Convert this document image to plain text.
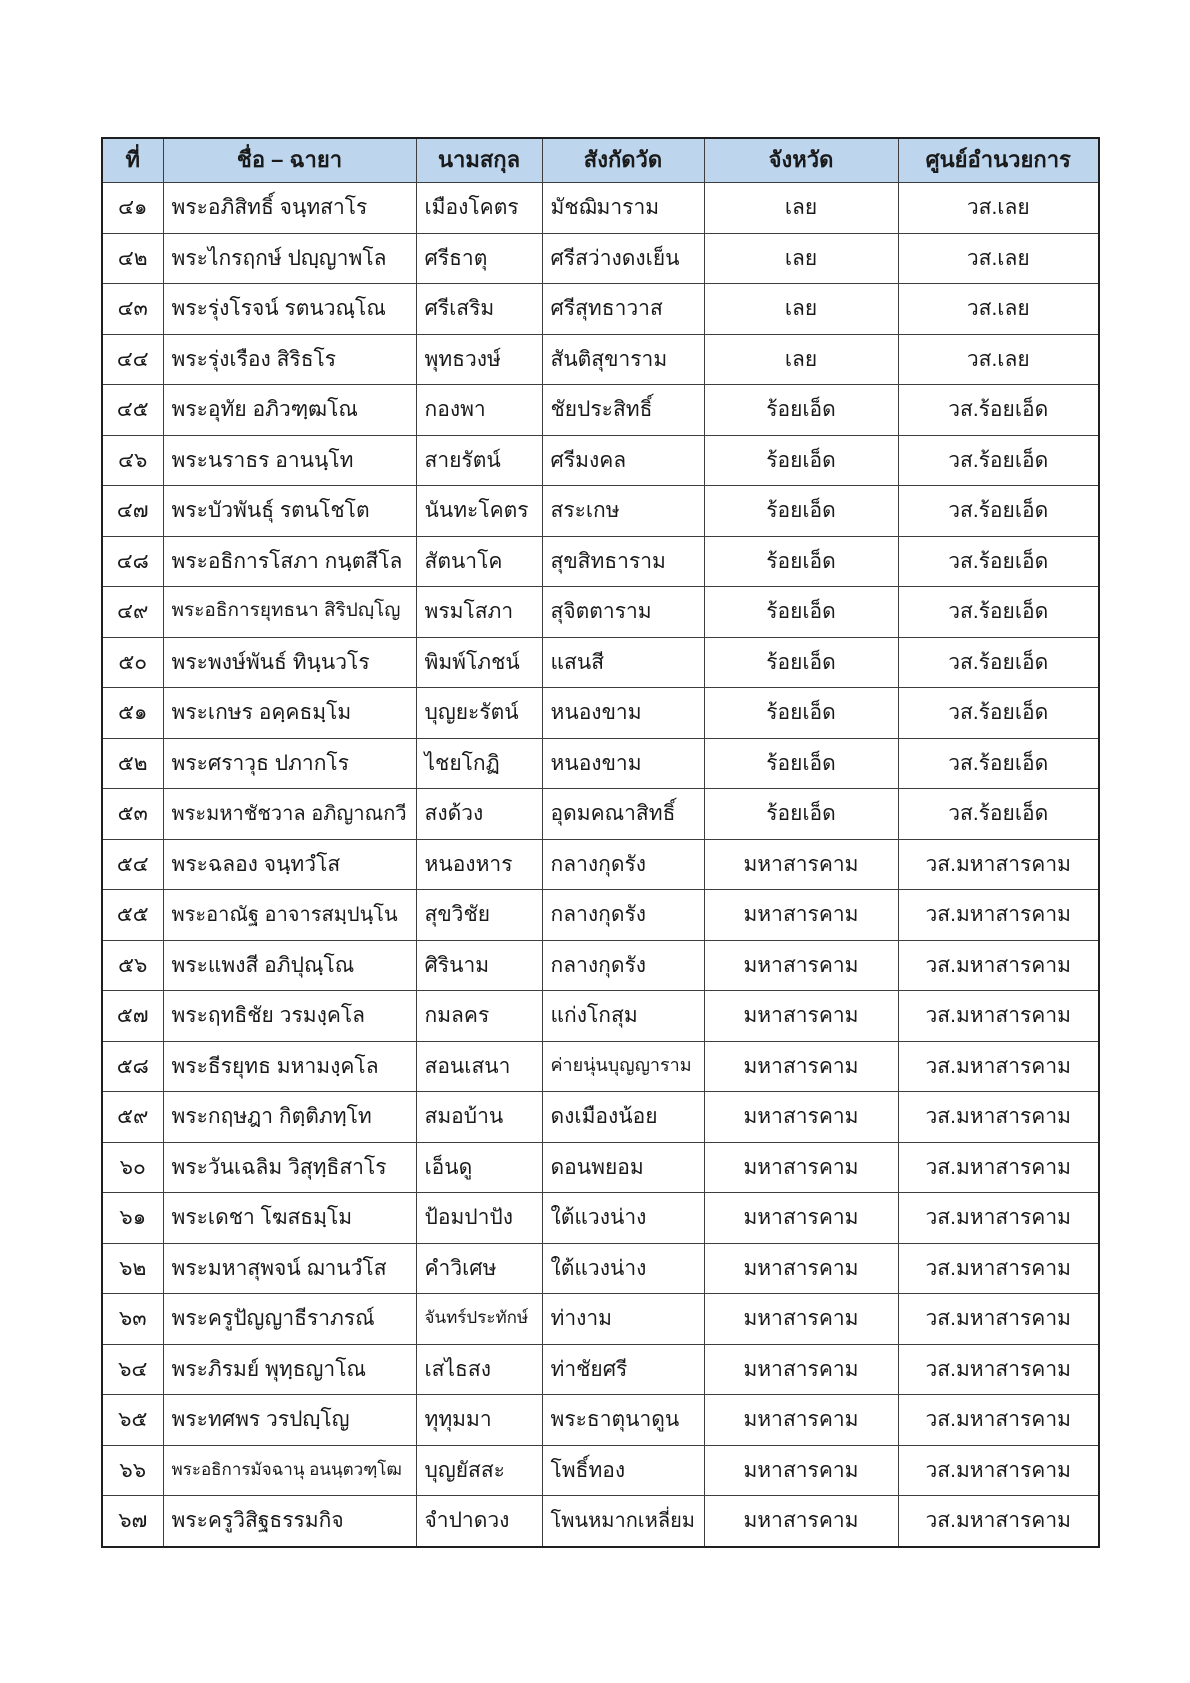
ที่	ชื่อ – ฉายา	นามสกุล	สังกัดวัด	จังหวัด	ศูนย์อำนวยการ
๔๑	พระอภิสิทธิ์ จนฺทสาโร	เมืองโคตร	มัชฌิมาราม	เลย	วส.เลย
๔๒	พระไกรฤกษ์ ปญฺญาพโล	ศรีธาตุ	ศรีสว่างดงเย็น	เลย	วส.เลย
๔๓	พระรุ่งโรจน์ รตนวณฺโณ	ศรีเสริม	ศรีสุทธาวาส	เลย	วส.เลย
๔๔	พระรุ่งเรือง สิริธโร	พุทธวงษ์	สันติสุขาราม	เลย	วส.เลย
๔๕	พระอุทัย อภิวฑฺฒโณ	กองพา	ชัยประสิทธิ์	ร้อยเอ็ด	วส.ร้อยเอ็ด
๔๖	พระนราธร อานนฺโท	สายรัตน์	ศรีมงคล	ร้อยเอ็ด	วส.ร้อยเอ็ด
๔๗	พระบัวพันธุ์ รตนโชโต	นันทะโคตร	สระเกษ	ร้อยเอ็ด	วส.ร้อยเอ็ด
๔๘	พระอธิการโสภา กนฺตสีโล	สัตนาโค	สุขสิทธาราม	ร้อยเอ็ด	วส.ร้อยเอ็ด
๔๙	พระอธิการยุทธนา สิริปญฺโญ	พรมโสภา	สุจิตตาราม	ร้อยเอ็ด	วส.ร้อยเอ็ด
๕๐	พระพงษ์พันธ์ ทินฺนวโร	พิมพ์โภชน์	แสนสี	ร้อยเอ็ด	วส.ร้อยเอ็ด
๕๑	พระเกษร อคฺคธมฺโม	บุญยะรัตน์	หนองขาม	ร้อยเอ็ด	วส.ร้อยเอ็ด
๕๒	พระศราวุธ ปภากโร	ไชยโกฏิ	หนองขาม	ร้อยเอ็ด	วส.ร้อยเอ็ด
๕๓	พระมหาชัชวาล อภิญาณกวี	สงด้วง	อุดมคณาสิทธิ์	ร้อยเอ็ด	วส.ร้อยเอ็ด
๕๔	พระฉลอง จนฺทวํโส	หนองหาร	กลางกุดรัง	มหาสารคาม	วส.มหาสารคาม
๕๕	พระอาณัฐ อาจารสมฺปนฺโน	สุขวิชัย	กลางกุดรัง	มหาสารคาม	วส.มหาสารคาม
๕๖	พระแพงสี อภิปุณฺโณ	ศิรินาม	กลางกุดรัง	มหาสารคาม	วส.มหาสารคาม
๕๗	พระฤทธิชัย วรมงฺคโล	กมลคร	แก่งโกสุม	มหาสารคาม	วส.มหาสารคาม
๕๘	พระธีรยุทธ มหามงฺคโล	สอนเสนา	ค่ายนุ่นบุญญาราม	มหาสารคาม	วส.มหาสารคาม
๕๙	พระกฤษฎา กิตฺติภทฺโท	สมอบ้าน	ดงเมืองน้อย	มหาสารคาม	วส.มหาสารคาม
๖๐	พระวันเฉลิม วิสุทฺธิสาโร	เอ็นดู	ดอนพยอม	มหาสารคาม	วส.มหาสารคาม
๖๑	พระเดชา โฆสธมฺโม	ป้อมปาปัง	ใต้แวงน่าง	มหาสารคาม	วส.มหาสารคาม
๖๒	พระมหาสุพจน์ ฌานวํโส	คำวิเศษ	ใต้แวงน่าง	มหาสารคาม	วส.มหาสารคาม
๖๓	พระครูปัญญาธีราภรณ์	จันทร์ประทักษ์	ท่างาม	มหาสารคาม	วส.มหาสารคาม
๖๔	พระภิรมย์ พุทฺธญาโณ	เสไธสง	ท่าชัยศรี	มหาสารคาม	วส.มหาสารคาม
๖๕	พระทศพร วรปญฺโญ	ทุทุมมา	พระธาตุนาดูน	มหาสารคาม	วส.มหาสารคาม
๖๖	พระอธิการมัจฉานุ อนนฺตวฑฺโฒ	บุญยัสสะ	โพธิ์ทอง	มหาสารคาม	วส.มหาสารคาม
๖๗	พระครูวิสิฐธรรมกิจ	จำปาดวง	โพนหมากเหลี่ยม	มหาสารคาม	วส.มหาสารคาม
